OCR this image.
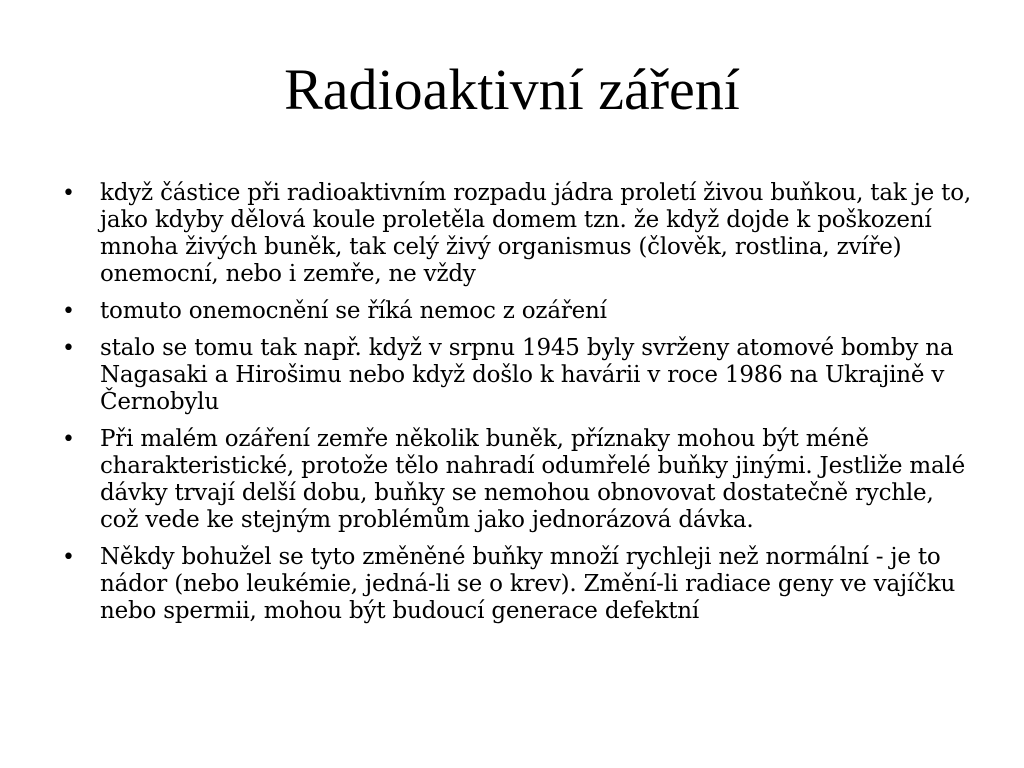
Radioaktivní záření
•	když částice při radioaktivním rozpadu jádra proletí živou buňkou, tak je to, jako kdyby dělová koule proletěla domem tzn. že když dojde k poškození mnoha živých buněk, tak celý živý organismus (člověk, rostlina, zvíře) onemocní, nebo i zemře, ne vždy
•	tomuto onemocnění se říká nemoc z ozáření
•	stalo se tomu tak např. když v srpnu 1945 byly svrženy atomové bomby na Nagasaki a Hirošimu nebo když došlo k havárii v roce 1986 na Ukrajině v Černobylu
•	Při malém ozáření zemře několik buněk, příznaky mohou být méně charakteristické, protože tělo nahradí odumřelé buňky jinými. Jestliže malé dávky trvají delší dobu, buňky se nemohou obnovovat dostatečně rychle, což vede ke stejným problémům jako jednorázová dávka.
•	Někdy bohužel se tyto změněné buňky množí rychleji než normální - je to nádor (nebo leukémie, jedná-li se o krev). Změní-li radiace geny ve vajíčku nebo spermii, mohou být budoucí generace defektní
